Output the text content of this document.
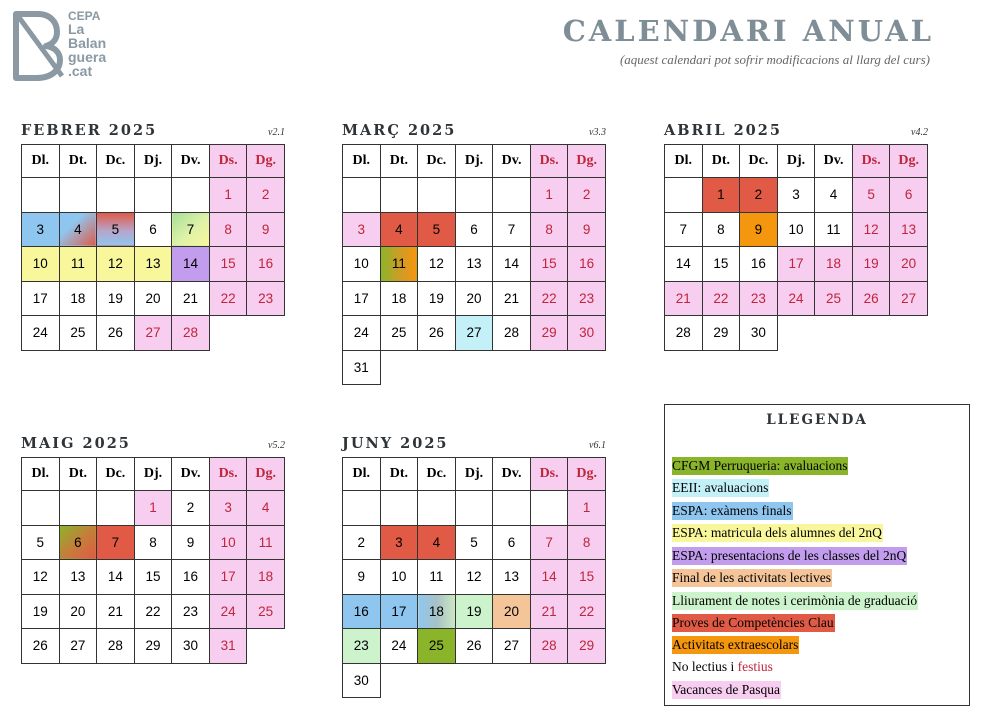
CEPA
La
Balan
guera
.cat
CALENDARI ANUAL
(aquest calendari pot sofrir modificacions al llarg del curs)
FEBRER 2025	v2.1
Dl.	Dt.	Dc.	Dj.	Dv.	Ds.	Dg.
					1	2
3	4	5	6	7	8	9
10	11	12	13	14	15	16
17	18	19	20	21	22	23
24	25	26	27	28		
MARÇ 2025	v3.3
Dl.	Dt.	Dc.	Dj.	Dv.	Ds.	Dg.
					1	2
3	4	5	6	7	8	9
10	11	12	13	14	15	16
17	18	19	20	21	22	23
24	25	26	27	28	29	30
31						
ABRIL 2025	v4.2
Dl.	Dt.	Dc.	Dj.	Dv.	Ds.	Dg.
	1	2	3	4	5	6
7	8	9	10	11	12	13
14	15	16	17	18	19	20
21	22	23	24	25	26	27
28	29	30				
MAIG 2025	v5.2
Dl.	Dt.	Dc.	Dj.	Dv.	Ds.	Dg.
			1	2	3	4
5	6	7	8	9	10	11
12	13	14	15	16	17	18
19	20	21	22	23	24	25
26	27	28	29	30	31	
JUNY 2025	v6.1
Dl.	Dt.	Dc.	Dj.	Dv.	Ds.	Dg.
						1
2	3	4	5	6	7	8
9	10	11	12	13	14	15
16	17	18	19	20	21	22
23	24	25	26	27	28	29
30						
LLEGENDA
CFGM Perruqueria: avaluacions
EEII: avaluacions
ESPA: exàmens finals
ESPA: matricula dels alumnes del 2nQ
ESPA: presentacions de les classes del 2nQ
Final de les activitats lectives
Lliurament de notes i cerimònia de graduació
Proves de Competències Clau
Activitats extraescolars
No lectius i festius
Vacances de Pasqua
